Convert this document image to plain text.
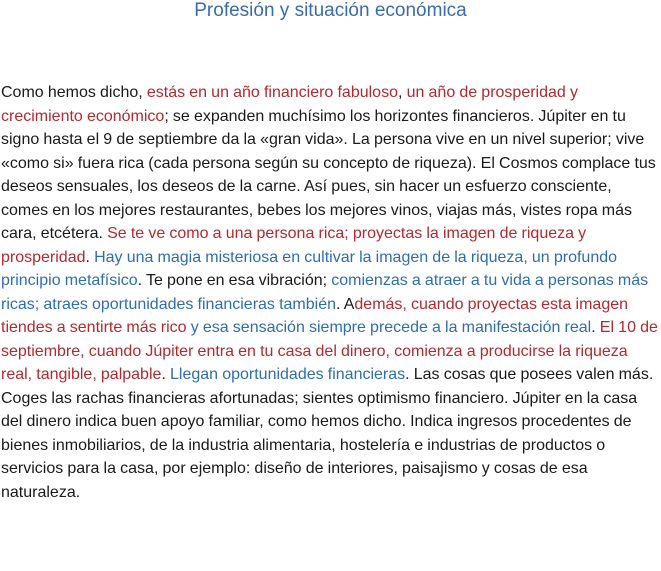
Profesión y situación económica

Como hemos dicho, estás en un año financiero fabuloso, un año de prosperidad y crecimiento económico; se expanden muchísimo los horizontes financieros. Júpiter en tu signo hasta el 9 de septiembre da la «gran vida». La persona vive en un nivel superior; vive «como si» fuera rica (cada persona según su concepto de riqueza). El Cosmos complace tus deseos sensuales, los deseos de la carne. Así pues, sin hacer un esfuerzo consciente, comes en los mejores restaurantes, bebes los mejores vinos, viajas más, vistes ropa más cara, etcétera. Se te ve como a una persona rica; proyectas la imagen de riqueza y prosperidad. Hay una magia misteriosa en cultivar la imagen de la riqueza, un profundo principio metafísico. Te pone en esa vibración; comienzas a atraer a tu vida a personas más ricas; atraes oportunidades financieras también. Además, cuando proyectas esta imagen tiendes a sentirte más rico y esa sensación siempre precede a la manifestación real. El 10 de septiembre, cuando Júpiter entra en tu casa del dinero, comienza a producirse la riqueza real, tangible, palpable. Llegan oportunidades financieras. Las cosas que posees valen más. Coges las rachas financieras afortunadas; sientes optimismo financiero. Júpiter en la casa del dinero indica buen apoyo familiar, como hemos dicho. Indica ingresos procedentes de bienes inmobiliarios, de la industria alimentaria, hostelería e industrias de productos o servicios para la casa, por ejemplo: diseño de interiores, paisajismo y cosas de esa naturaleza.
